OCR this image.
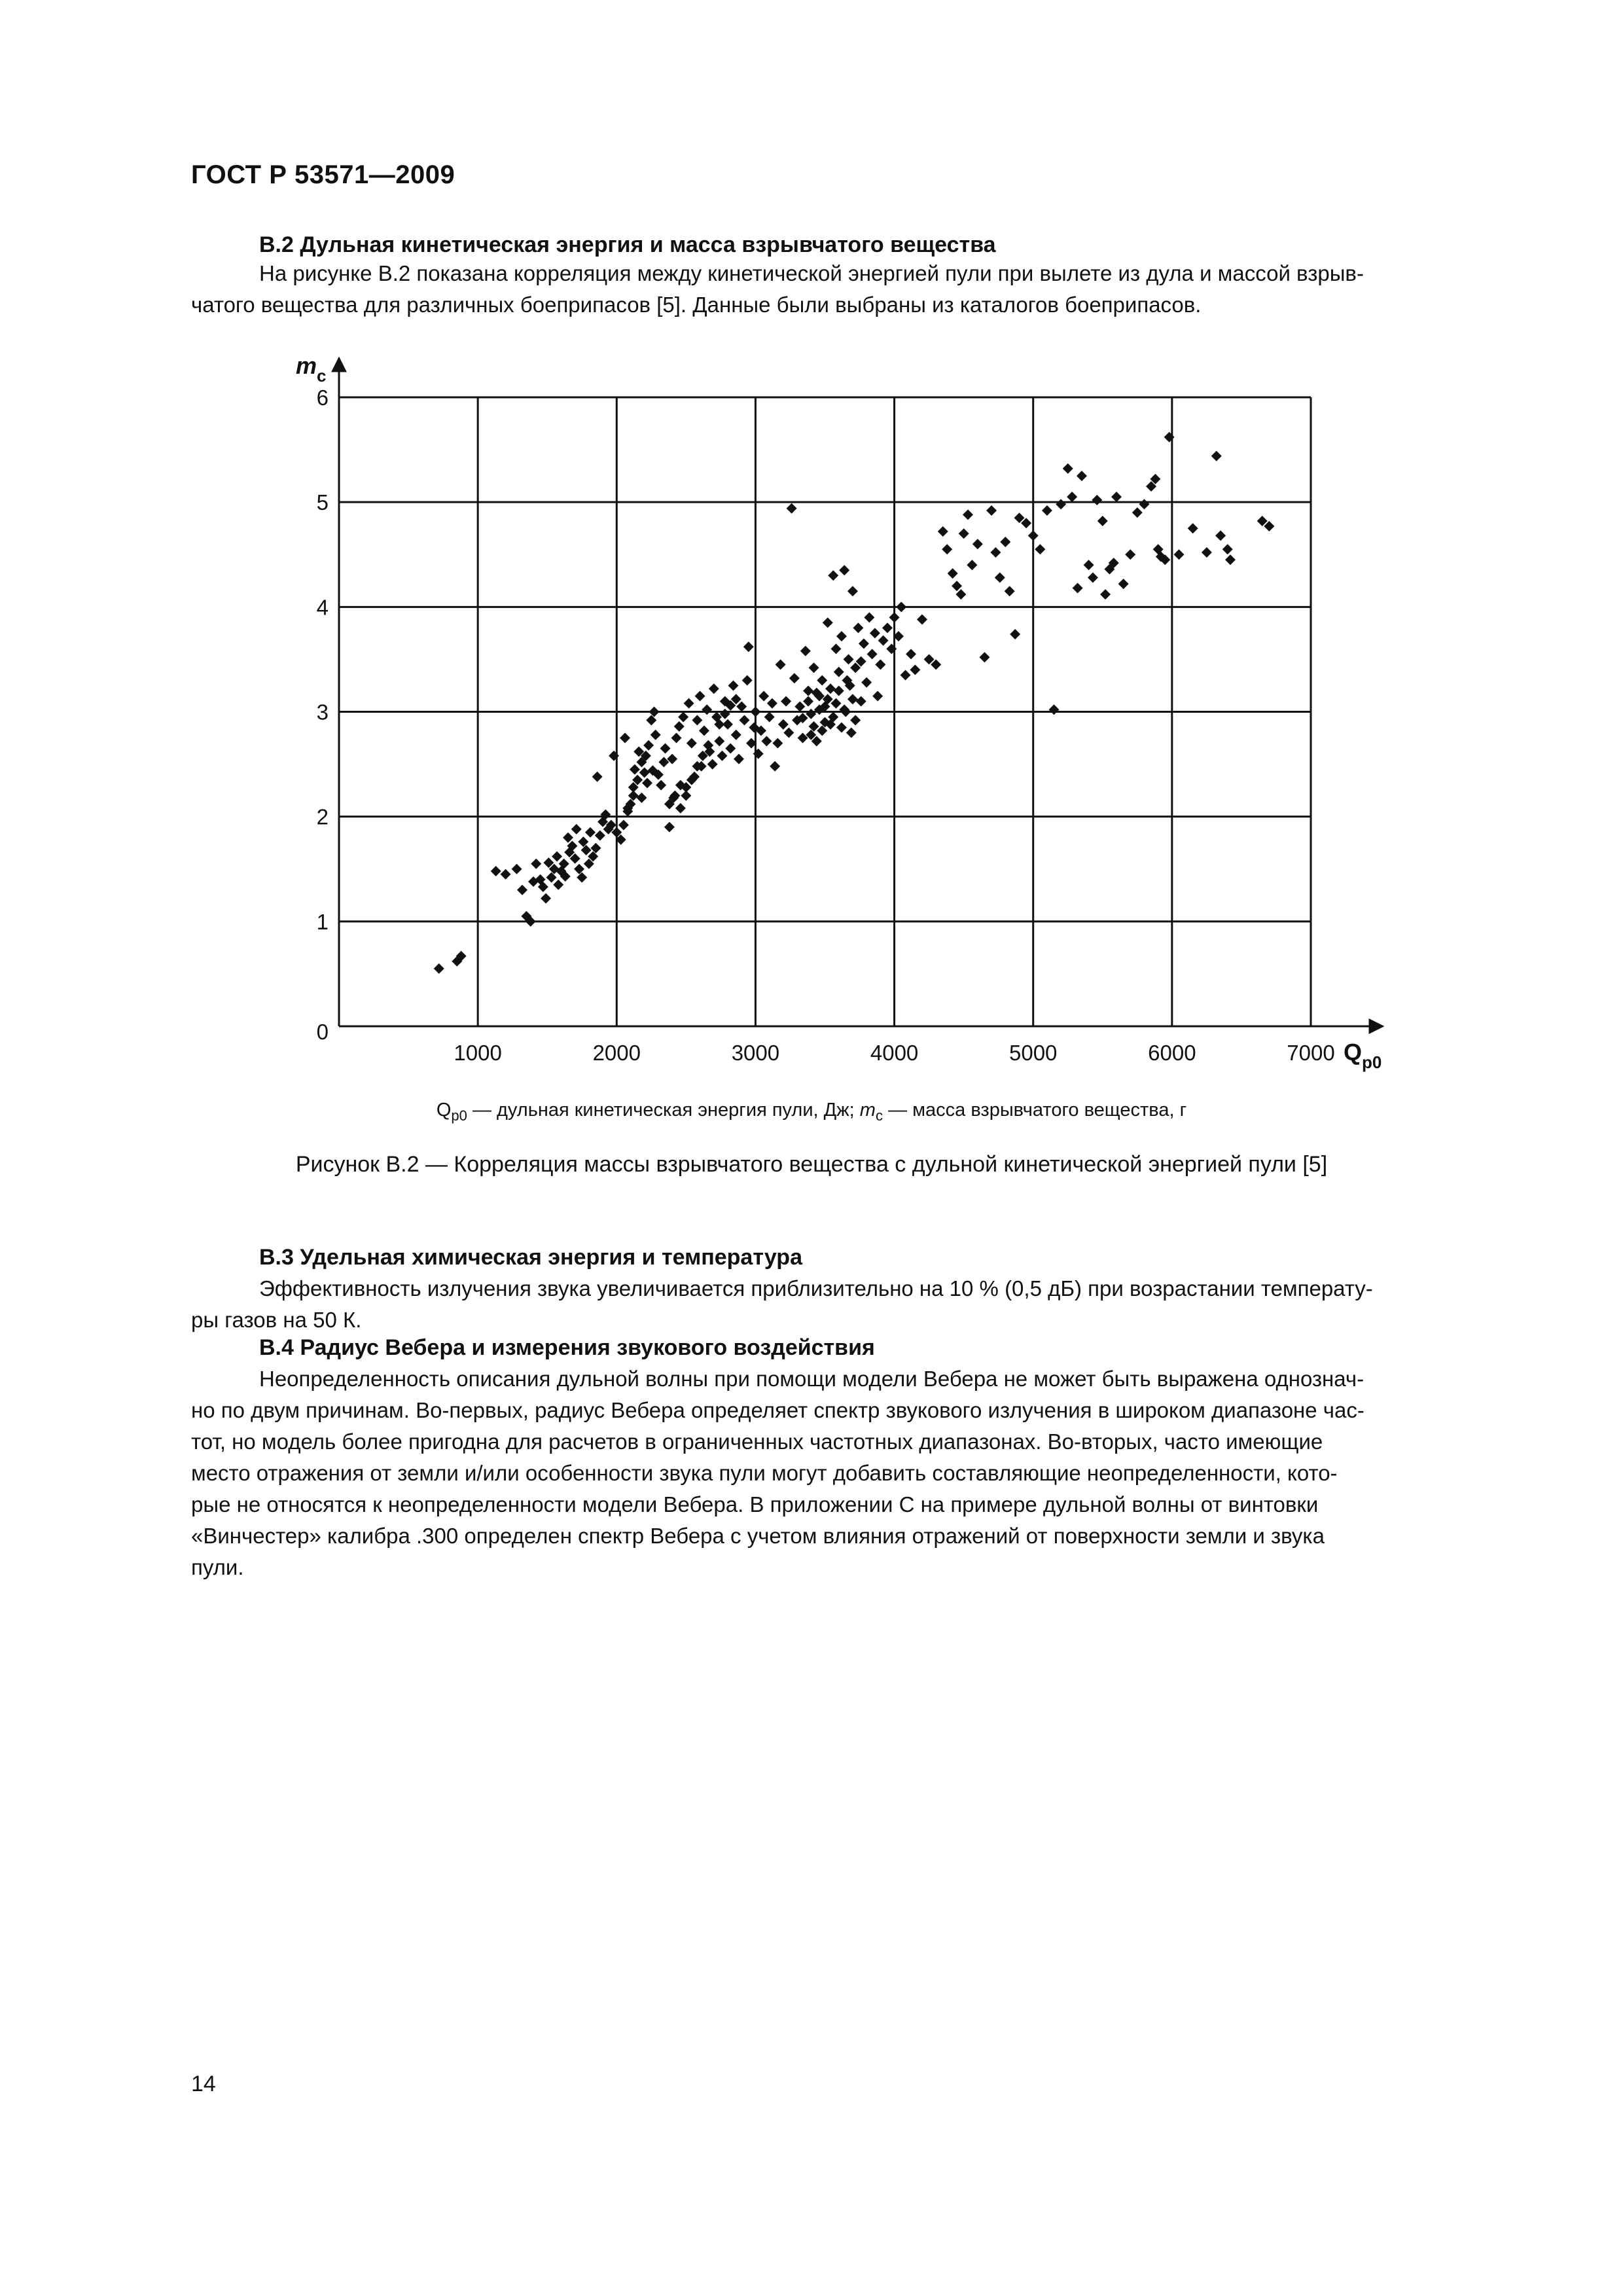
ГОСТ Р 53571—2009
B.2 Дульная кинетическая энергия и масса взрывчатого вещества

На рисунке B.2 показана корреляция между кинетической энергией пули при вылете из дула и массой взрыв-

чатого вещества для различных боеприпасов [5]. Данные были выбраны из каталогов боеприпасов.

1000	2000	3000	4000	5000	6000	7000
1
2
3
4
5
6
0
Q p0
m c
$Q_{p0}$ — дульная кинетическая энергия пули, Дж; $m_c$ — масса взрывчатого вещества, г
Рисунок B.2 — Корреляция массы взрывчатого вещества с дульной кинетической энергией пули [5]
B.3 Удельная химическая энергия и температура

Эффективность излучения звука увеличивается приблизительно на 10 % (0,5 дБ) при возрастании температу-

ры газов на 50 К.

B.4 Радиус Вебера и измерения звукового воздействия

Неопределенность описания дульной волны при помощи модели Вебера не может быть выражена однознач-

но по двум причинам. Во-первых, радиус Вебера определяет спектр звукового излучения в широком диапазоне час-

тот, но модель более пригодна для расчетов в ограниченных частотных диапазонах. Во-вторых, часто имеющие

место отражения от земли и/или особенности звука пули могут добавить составляющие неопределенности, кото-

рые не относятся к неопределенности модели Вебера. В приложении С на примере дульной волны от винтовки

«Винчестер» калибра .300 определен спектр Вебера с учетом влияния отражений от поверхности земли и звука

пули.

14
